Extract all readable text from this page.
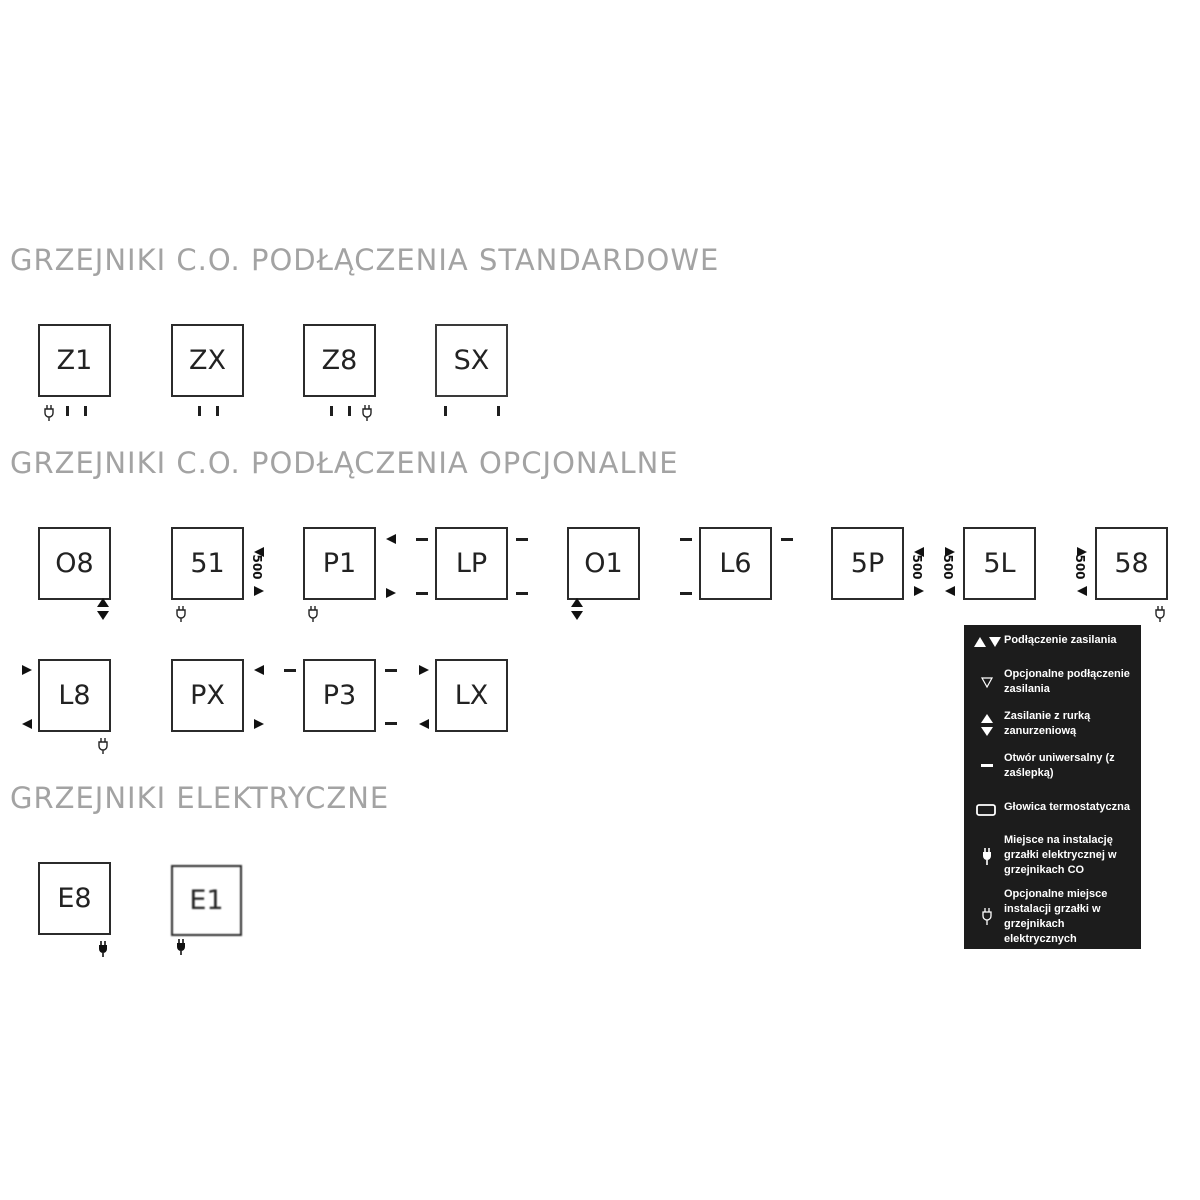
GRZEJNIKI C.O. PODŁĄCZENIA STANDARDOWE
GRZEJNIKI C.O. PODŁĄCZENIA OPCJONALNE
GRZEJNIKI ELEKTRYCZNE
Z1	ZX	Z8	SX
O8	51 500 P1	LP	O1	L6	5P 500 500 5L	500 58
L8	PX	P3	LX
E8	E1
Podłączenie zasilania
Opcjonalne podłączenie zasilania
Zasilanie z rurką zanurzeniową
Otwór uniwersalny (z zaślepką)
Głowica termostatyczna
Miejsce na instalację grzałki elektrycznej w grzejnikach CO
Opcjonalne miejsce instalacji grzałki w grzejnikach elektrycznych
